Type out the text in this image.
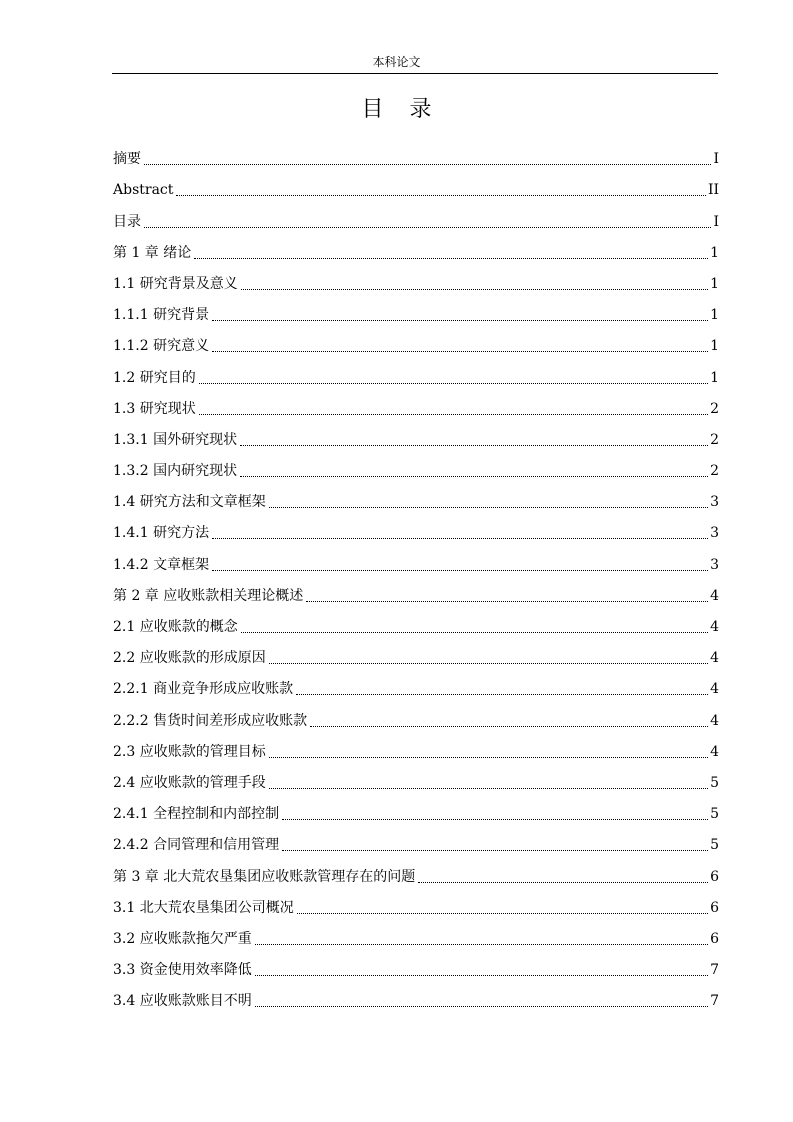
本科论文
目录
摘要	I
Abstract	II
目录	I
第 1 章 绪论	1
1.1 研究背景及意义	1
1.1.1 研究背景	1
1.1.2 研究意义	1
1.2 研究目的	1
1.3 研究现状	2
1.3.1 国外研究现状	2
1.3.2 国内研究现状	2
1.4 研究方法和文章框架	3
1.4.1 研究方法	3
1.4.2 文章框架	3
第 2 章 应收账款相关理论概述	4
2.1 应收账款的概念	4
2.2 应收账款的形成原因	4
2.2.1 商业竞争形成应收账款	4
2.2.2 售货时间差形成应收账款	4
2.3 应收账款的管理目标	4
2.4 应收账款的管理手段	5
2.4.1 全程控制和内部控制	5
2.4.2 合同管理和信用管理	5
第 3 章 北大荒农垦集团应收账款管理存在的问题	6
3.1 北大荒农垦集团公司概况	6
3.2 应收账款拖欠严重	6
3.3 资金使用效率降低	7
3.4 应收账款账目不明	7
